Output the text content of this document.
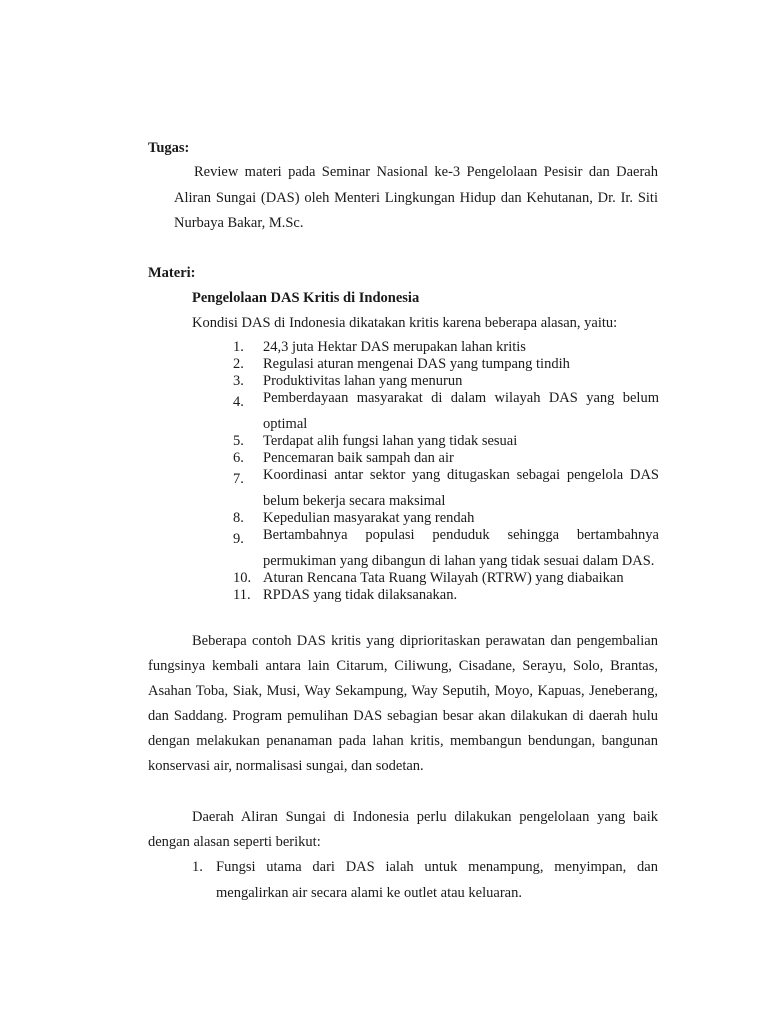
Tugas:

Review materi pada Seminar Nasional ke-3 Pengelolaan Pesisir dan Daerah Aliran Sungai (DAS) oleh Menteri Lingkungan Hidup dan Kehutanan, Dr. Ir. Siti Nurbaya Bakar, M.Sc.

Materi:

Pengelolaan DAS Kritis di Indonesia

Kondisi DAS di Indonesia dikatakan kritis karena beberapa alasan, yaitu:

1.	24,3 juta Hektar DAS merupakan lahan kritis
2.	Regulasi aturan mengenai DAS yang tumpang tindih
3.	Produktivitas lahan yang menurun
4.	Pemberdayaan masyarakat di dalam wilayah DAS yang belum optimal
5.	Terdapat alih fungsi lahan yang tidak sesuai
6.	Pencemaran baik sampah dan air
7.	Koordinasi antar sektor yang ditugaskan sebagai pengelola DAS belum bekerja secara maksimal
8.	Kepedulian masyarakat yang rendah
9.	Bertambahnya populasi penduduk sehingga bertambahnya permukiman yang dibangun di lahan yang tidak sesuai dalam DAS.
10. Aturan Rencana Tata Ruang Wilayah (RTRW) yang diabaikan
11. RPDAS yang tidak dilaksanakan.

Beberapa contoh DAS kritis yang diprioritaskan perawatan dan pengembalian fungsinya kembali antara lain Citarum, Ciliwung, Cisadane, Serayu, Solo, Brantas, Asahan Toba, Siak, Musi, Way Sekampung, Way Seputih, Moyo, Kapuas, Jeneberang, dan Saddang. Program pemulihan DAS sebagian besar akan dilakukan di daerah hulu dengan melakukan penanaman pada lahan kritis, membangun bendungan, bangunan konservasi air, normalisasi sungai, dan sodetan.

Daerah Aliran Sungai di Indonesia perlu dilakukan pengelolaan yang baik dengan alasan seperti berikut:

1. Fungsi utama dari DAS ialah untuk menampung, menyimpan, dan mengalirkan air secara alami ke outlet atau keluaran.
